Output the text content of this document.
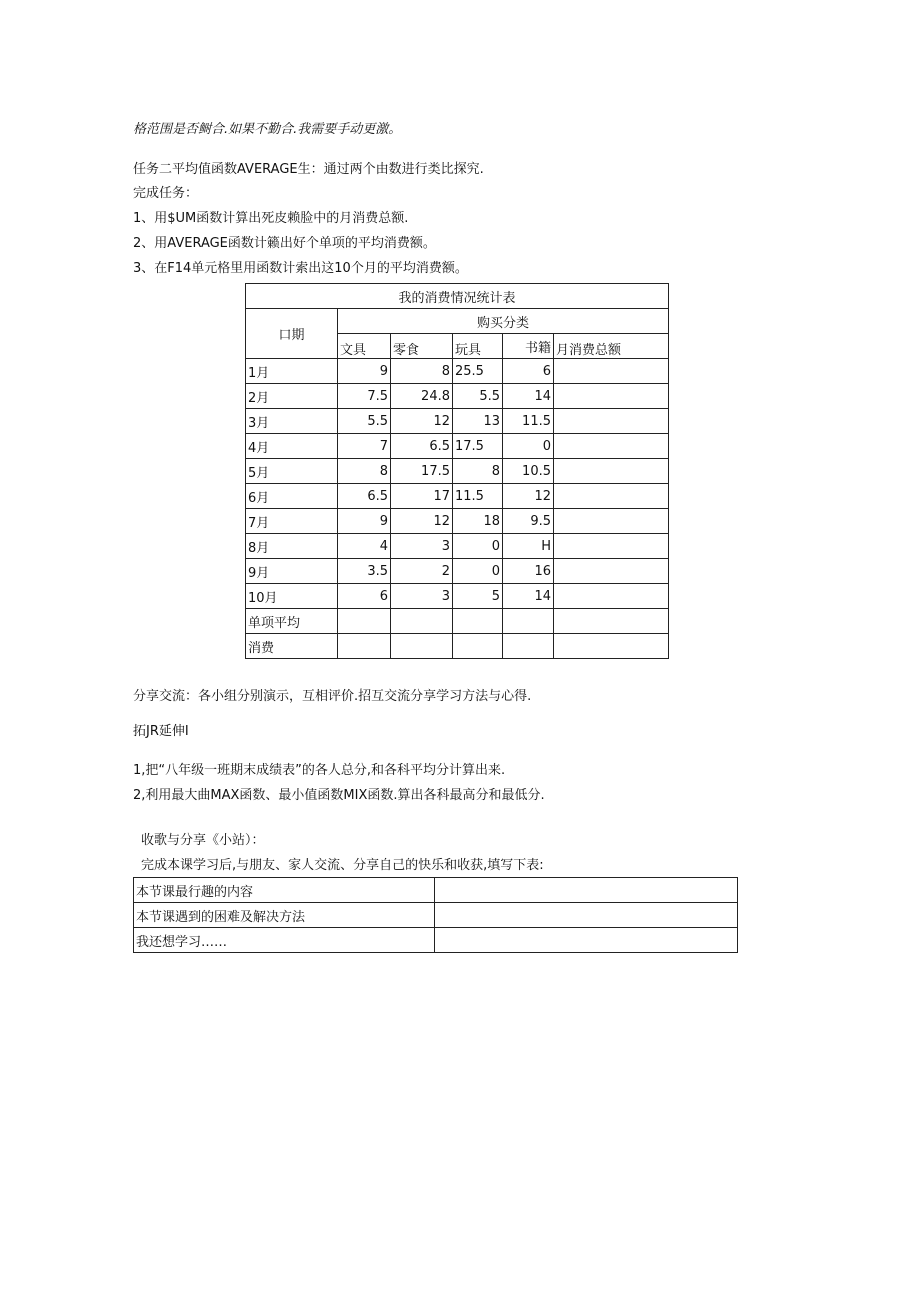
格范围是否鲥合.如果不勤合.我需要手动更激。
任务二平均值函数AVERAGE生：通过两个由数进行类比探究.
完成任务：
1、用$UM函数计算出死皮赖脸中的月消费总额.
2、用AVERAGE函数计籁出好个单项的平均消费额。
3、在F14单元格里用函数计索出这10个月的平均消费额。
我的消费情况统计表					
口期	购买分类				
	文具	零食	玩具	书籍	月消费总额
1月	9	8	25.5	6	
2月	7.5	24.8	5.5	14	
3月	5.5	12	13	11.5	
4月	7	6.5	17.5	0	
5月	8	17.5	8	10.5	
6月	6.5	17	11.5	12	
7月	9	12	18	9.5	
8月	4	3	0	H	
9月	3.5	2	0	16	
10月	6	3	5	14	
单项平均					
消费					
分享交流：各小组分别演示，互相评价.招互交流分享学习方法与心得.
拓JR延伸I
1,把“八年级一班期末成绩表”的各人总分,和各科平均分计算出来.
2,利用最大曲MAX函数、最小值函数MIX函数.算出各科最高分和最低分.
收歌与分享《小站）：
完成本课学习后,与朋友、家人交流、分享自己的快乐和收获,填写下表:
本节课最行趣的内容	
本节课遇到的困难及解决方法	
我还想学习……	
